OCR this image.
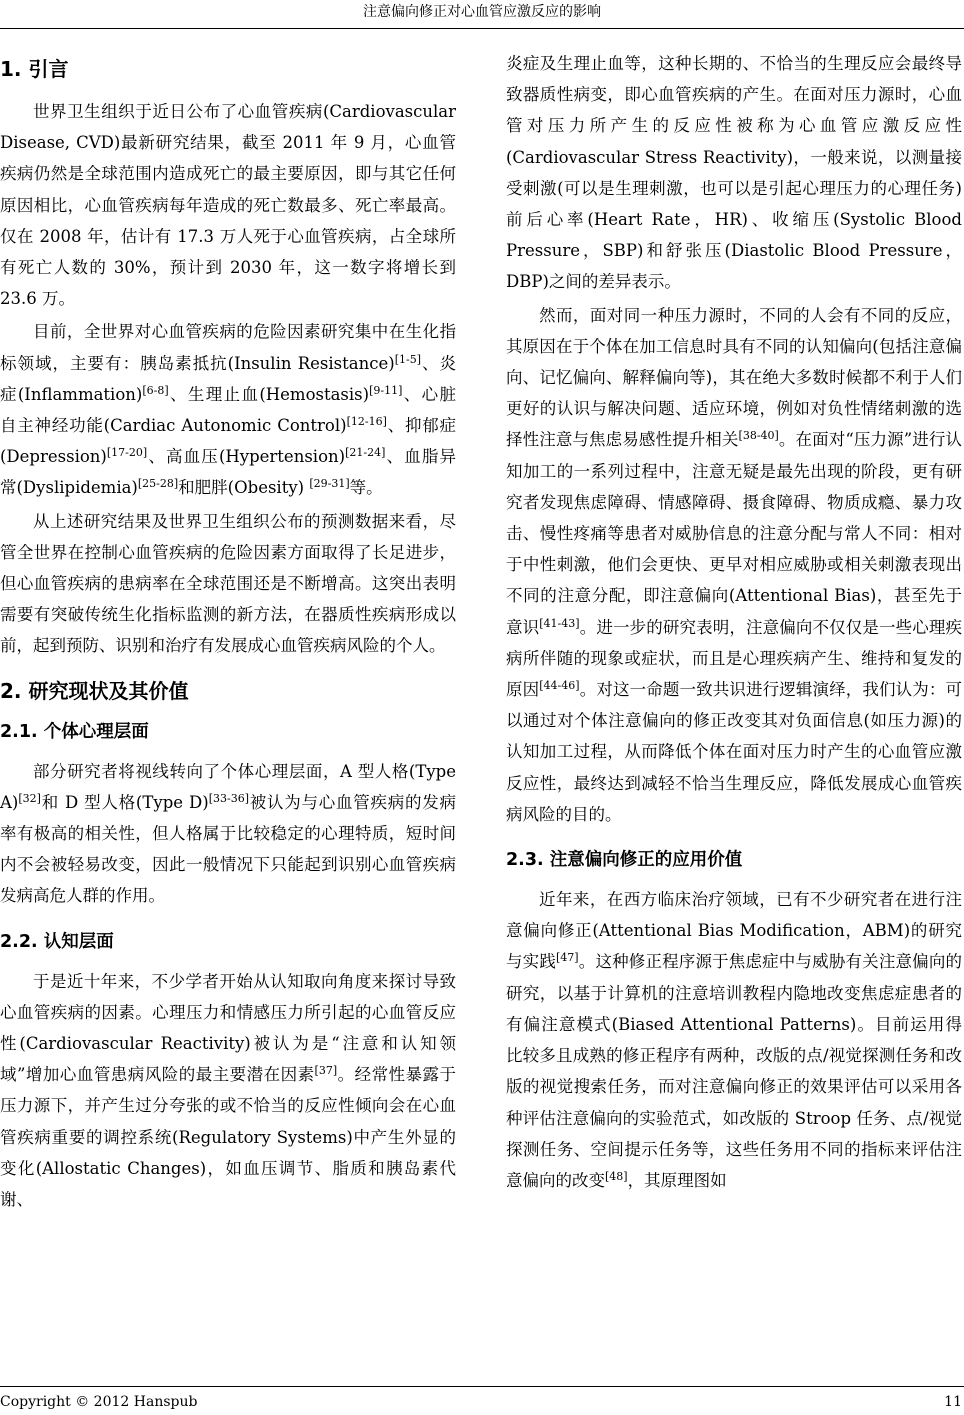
注意偏向修正对心血管应激反应的影响
1. 引言

世界卫生组织于近日公布了心血管疾病(Cardiovascular Disease, CVD)最新研究结果，截至 2011 年 9 月，心血管疾病仍然是全球范围内造成死亡的最主要原因，即与其它任何原因相比，心血管疾病每年造成的死亡数最多、死亡率最高。仅在 2008 年，估计有 17.3 万人死于心血管疾病，占全球所有死亡人数的 30%，预计到 2030 年，这一数字将增长到 23.6 万。

目前，全世界对心血管疾病的危险因素研究集中在生化指标领域，主要有：胰岛素抵抗(Insulin Resistance)[1-5]、炎症(Inflammation)[6-8]、生理止血(Hemostasis)[9-11]、心脏自主神经功能(Cardiac Autonomic Control)[12-16]、抑郁症(Depression)[17-20]、高血压(Hypertension)[21-24]、血脂异常(Dyslipidemia)[25-28]和肥胖(Obesity) [29-31]等。

从上述研究结果及世界卫生组织公布的预测数据来看，尽管全世界在控制心血管疾病的危险因素方面取得了长足进步，但心血管疾病的患病率在全球范围还是不断增高。这突出表明需要有突破传统生化指标监测的新方法，在器质性疾病形成以前，起到预防、识别和治疗有发展成心血管疾病风险的个人。

2. 研究现状及其价值
2.1. 个体心理层面

部分研究者将视线转向了个体心理层面，A 型人格(Type A)[32]和 D 型人格(Type D)[33-36]被认为与心血管疾病的发病率有极高的相关性，但人格属于比较稳定的心理特质，短时间内不会被轻易改变，因此一般情况下只能起到识别心血管疾病发病高危人群的作用。

2.2. 认知层面

于是近十年来，不少学者开始从认知取向角度来探讨导致心血管疾病的因素。心理压力和情感压力所引起的心血管反应性(Cardiovascular Reactivity)被认为是“注意和认知领域”增加心血管患病风险的最主要潜在因素[37]。经常性暴露于压力源下，并产生过分夸张的或不恰当的反应性倾向会在心血管疾病重要的调控系统(Regulatory Systems)中产生外显的变化(Allostatic Changes)，如血压调节、脂质和胰岛素代谢、

炎症及生理止血等，这种长期的、不恰当的生理反应会最终导致器质性病变，即心血管疾病的产生。在面对压力源时，心血管对压力所产生的反应性被称为心血管应激反应性(Cardiovascular Stress Reactivity)，一般来说，以测量接受刺激(可以是生理刺激，也可以是引起心理压力的心理任务)前后心率(Heart Rate，HR)、收缩压(Systolic Blood Pressure，SBP)和舒张压(Diastolic Blood Pressure，DBP)之间的差异表示。

然而，面对同一种压力源时，不同的人会有不同的反应，其原因在于个体在加工信息时具有不同的认知偏向(包括注意偏向、记忆偏向、解释偏向等)，其在绝大多数时候都不利于人们更好的认识与解决问题、适应环境，例如对负性情绪刺激的选择性注意与焦虑易感性提升相关[38-40]。在面对“压力源”进行认知加工的一系列过程中，注意无疑是最先出现的阶段，更有研究者发现焦虑障碍、情感障碍、摄食障碍、物质成瘾、暴力攻击、慢性疼痛等患者对威胁信息的注意分配与常人不同：相对于中性刺激，他们会更快、更早对相应威胁或相关刺激表现出不同的注意分配，即注意偏向(Attentional Bias)，甚至先于意识[41-43]。进一步的研究表明，注意偏向不仅仅是一些心理疾病所伴随的现象或症状，而且是心理疾病产生、维持和复发的原因[44-46]。对这一命题一致共识进行逻辑演绎，我们认为：可以通过对个体注意偏向的修正改变其对负面信息(如压力源)的认知加工过程，从而降低个体在面对压力时产生的心血管应激反应性，最终达到减轻不恰当生理反应，降低发展成心血管疾病风险的目的。

2.3. 注意偏向修正的应用价值

近年来，在西方临床治疗领域，已有不少研究者在进行注意偏向修正(Attentional Bias Modification，ABM)的研究与实践[47]。这种修正程序源于焦虑症中与威胁有关注意偏向的研究，以基于计算机的注意培训教程内隐地改变焦虑症患者的有偏注意模式(Biased Attentional Patterns)。目前运用得比较多且成熟的修正程序有两种，改版的点/视觉探测任务和改版的视觉搜索任务，而对注意偏向修正的效果评估可以采用各种评估注意偏向的实验范式，如改版的 Stroop 任务、点/视觉探测任务、空间提示任务等，这些任务用不同的指标来评估注意偏向的改变[48]，其原理图如

Copyright © 2012 Hanspub	11
